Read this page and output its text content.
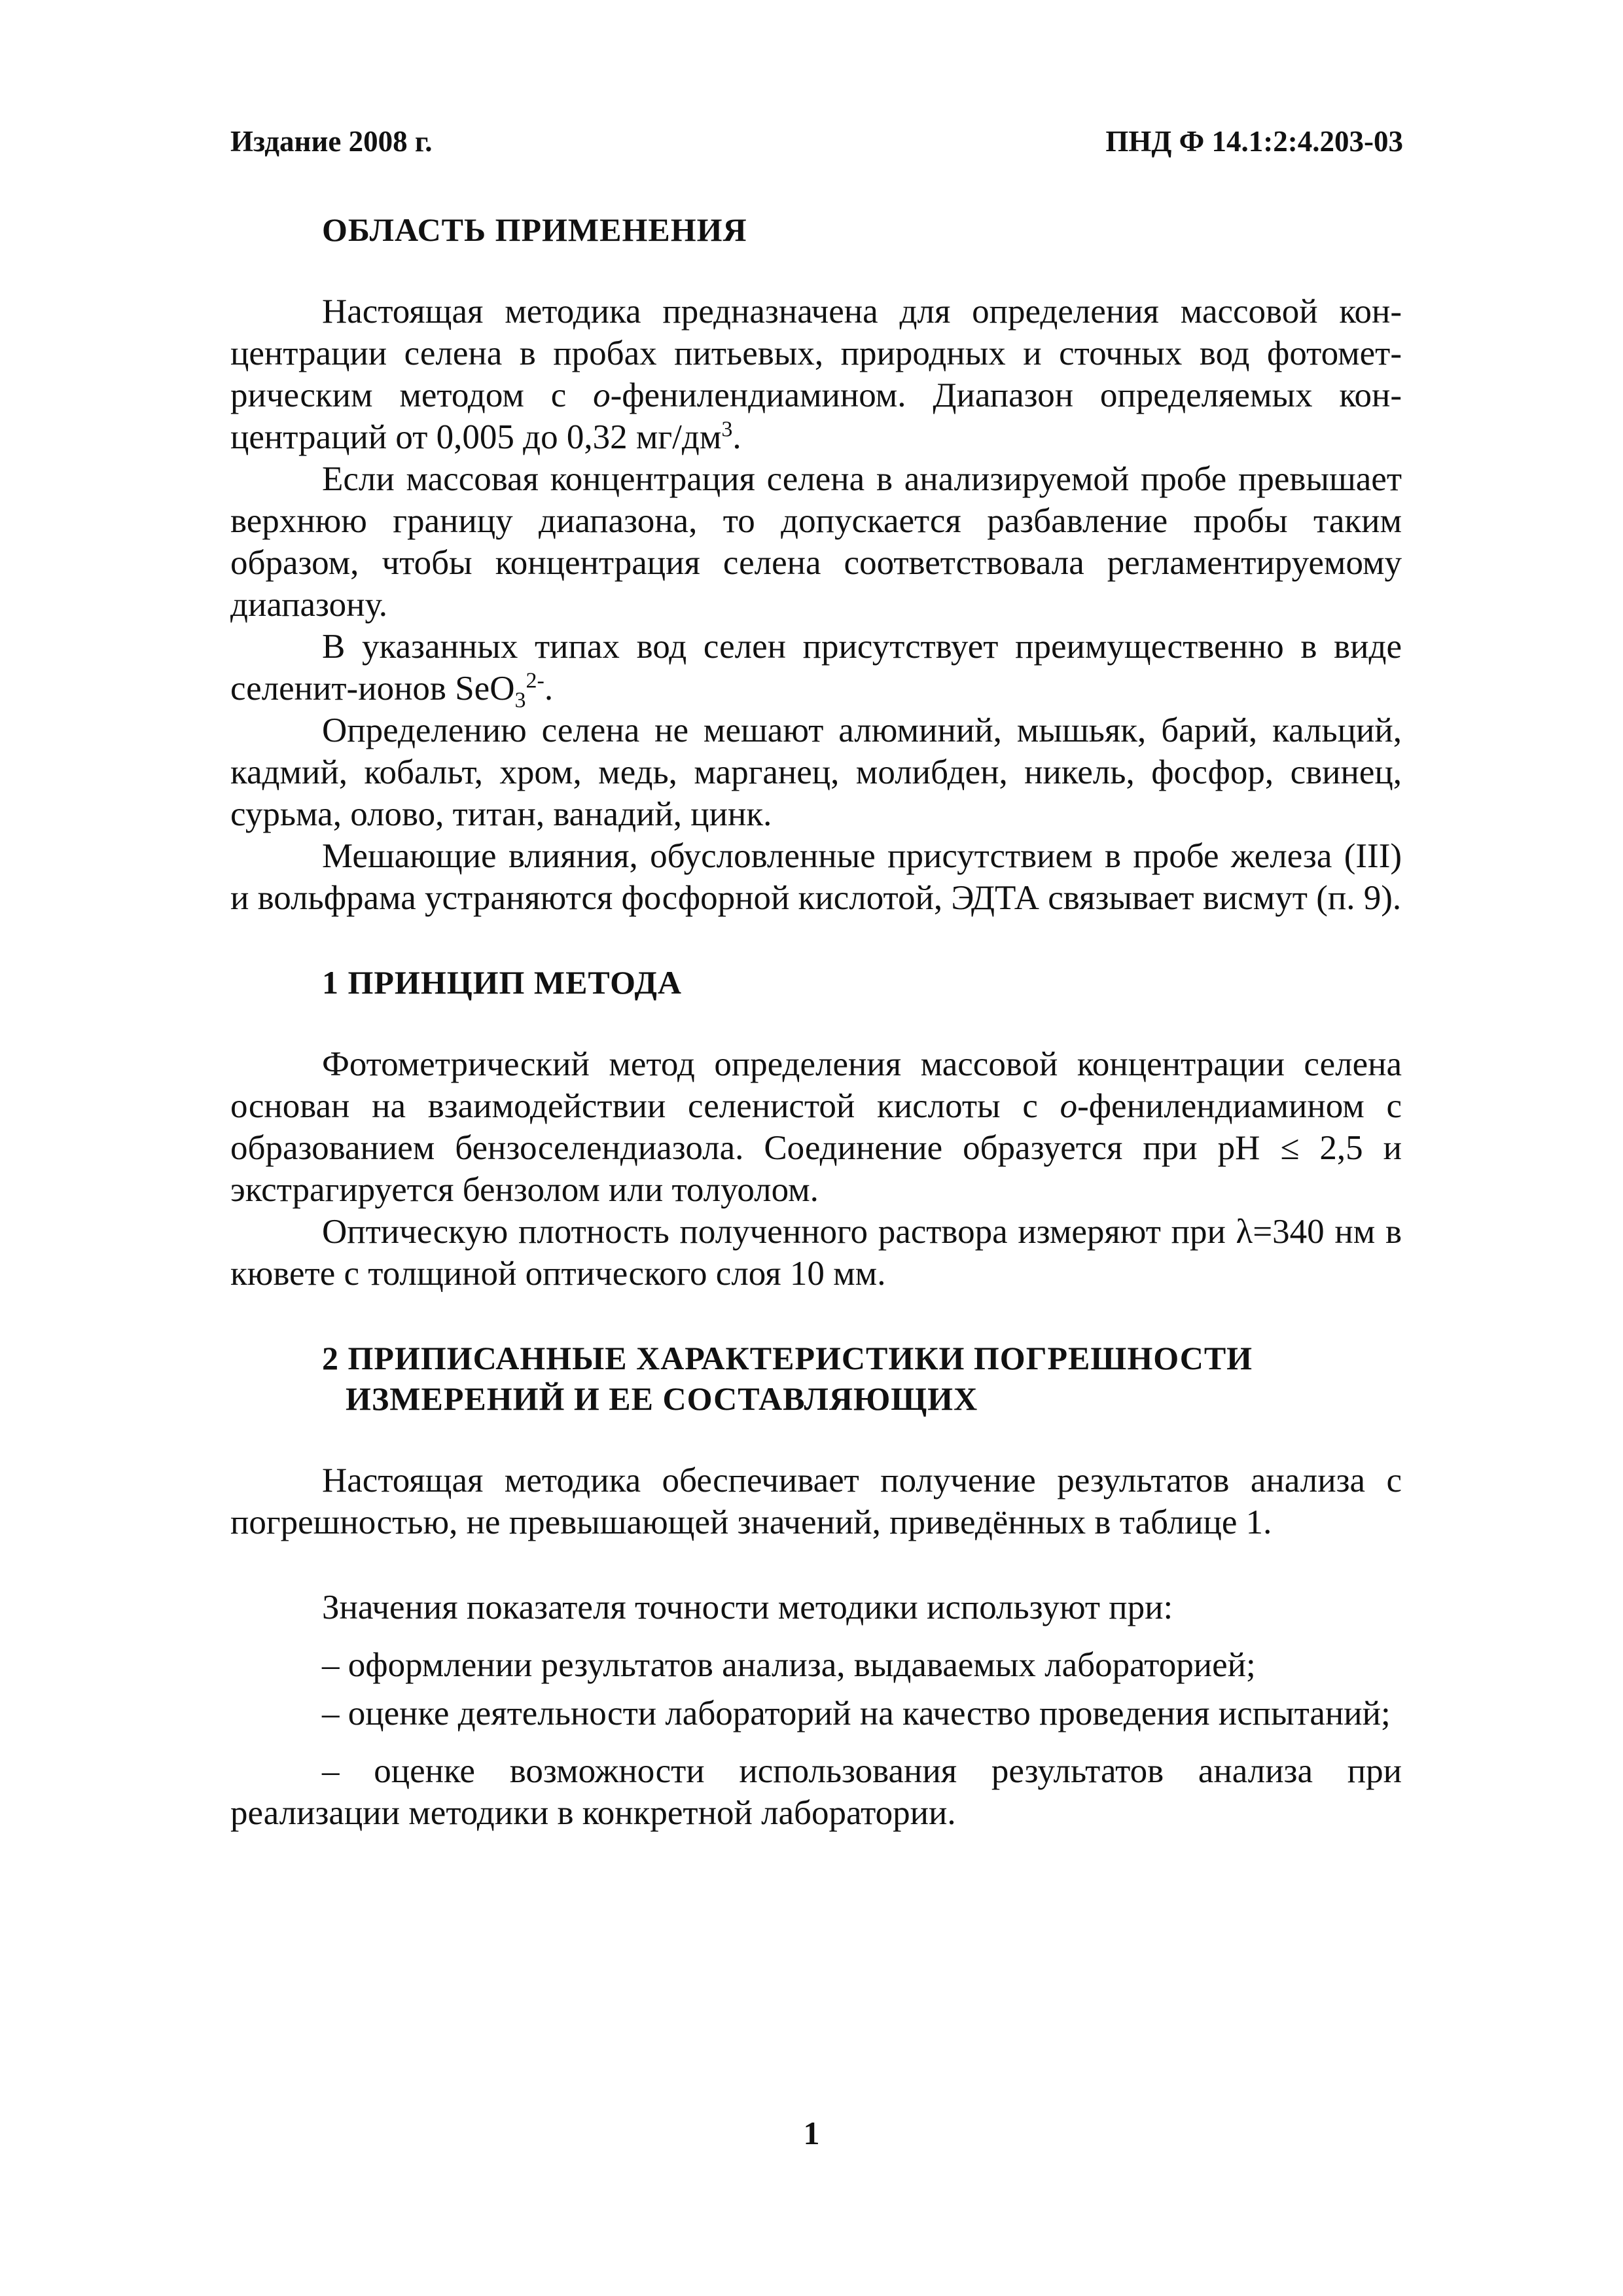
Издание 2008 г.	ПНД Ф 14.1:2:4.203-03
ОБЛАСТЬ ПРИМЕНЕНИЯ

Настоящая методика предназначена для определения массовой концентрации селена в пробах питьевых, природных и сточных вод фотометрическим методом с о-фенилендиамином. Диапазон определяемых концентраций от 0,005 до 0,32 $мг/дм^3$.

Если массовая концентрация селена в анализируемой пробе превышает верхнюю границу диапазона, то допускается разбавление пробы таким образом, чтобы концентрация селена соответствовала регламентируемому диапазону.

В указанных типах вод селен присутствует преимущественно в виде селенит-ионов SeO$_3^{2-}$.

Определению селена не мешают алюминий, мышьяк, барий, кальций, кадмий, кобальт, хром, медь, марганец, молибден, никель, фосфор, свинец, сурьма, олово, титан, ванадий, цинк.

Мешающие влияния, обусловленные присутствием в пробе железа (III) и вольфрама устраняются фосфорной кислотой, ЭДТА связывает висмут (п. 9).

1 ПРИНЦИП МЕТОДА

Фотометрический метод определения массовой концентрации селена основан на взаимодействии селенистой кислоты с о-фенилендиамином с образованием бензоселендиазола. Соединение образуется при pH ≤ 2,5 и экстрагируется бензолом или толуолом.

Оптическую плотность полученного раствора измеряют при λ=340 нм в кювете с толщиной оптического слоя 10 мм.

2 ПРИПИСАННЫЕ ХАРАКТЕРИСТИКИ ПОГРЕШНОСТИ
ИЗМЕРЕНИЙ И ЕЕ СОСТАВЛЯЮЩИХ

Настоящая методика обеспечивает получение результатов анализа с погрешностью, не превышающей значений, приведённых в таблице 1.

Значения показателя точности методики используют при:

– оформлении результатов анализа, выдаваемых лабораторией;

– оценке деятельности лабораторий на качество проведения испытаний;

– оценке возможности использования результатов анализа при реализации методики в конкретной лаборатории.

1
